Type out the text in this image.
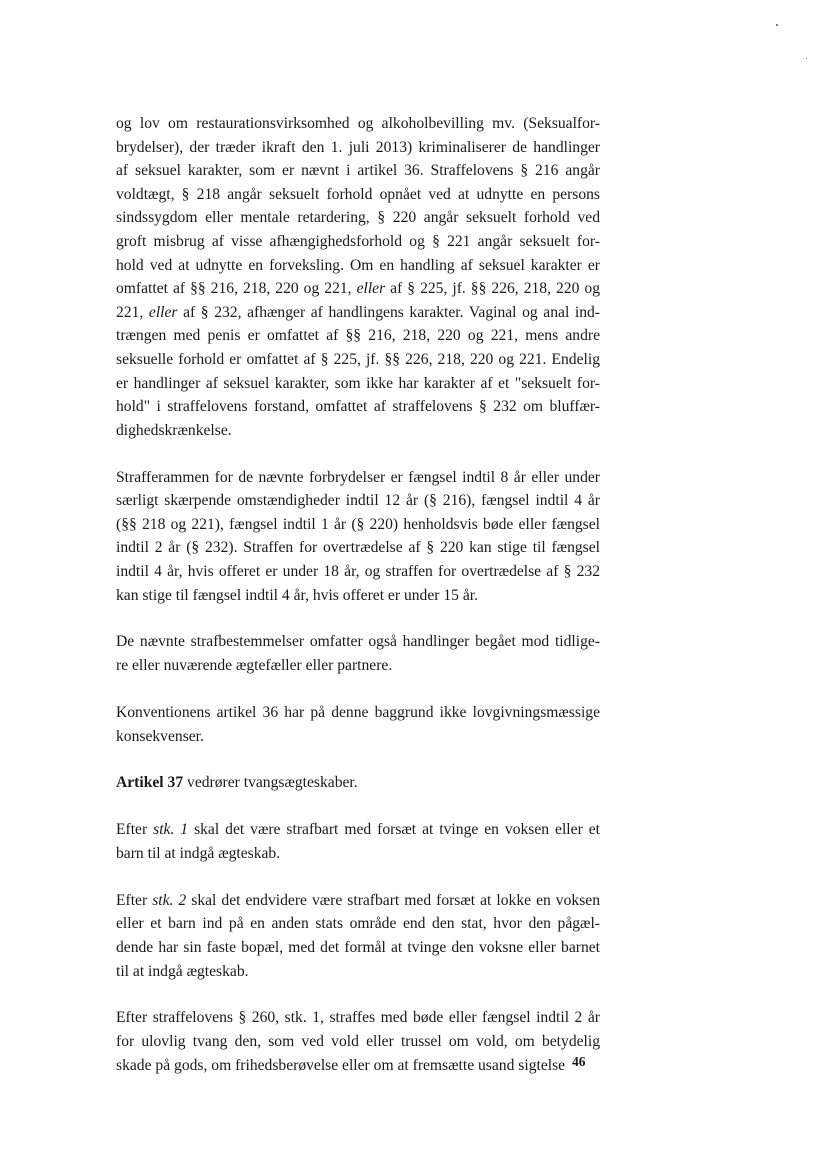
og lov om restaurationsvirksomhed og alkoholbevilling mv. (Seksualfor-
brydelser), der træder ikraft den 1. juli 2013) kriminaliserer de handlinger
af seksuel karakter, som er nævnt i artikel 36. Straffelovens § 216 angår
voldtægt, § 218 angår seksuelt forhold opnået ved at udnytte en persons
sindssygdom eller mentale retardering, § 220 angår seksuelt forhold ved
groft misbrug af visse afhængighedsforhold og § 221 angår seksuelt for-
hold ved at udnytte en forveksling. Om en handling af seksuel karakter er
omfattet af §§ 216, 218, 220 og 221, eller af § 225, jf. §§ 226, 218, 220 og
221, eller af § 232, afhænger af handlingens karakter. Vaginal og anal ind-
trængen med penis er omfattet af §§ 216, 218, 220 og 221, mens andre
seksuelle forhold er omfattet af § 225, jf. §§ 226, 218, 220 og 221. Endelig
er handlinger af seksuel karakter, som ikke har karakter af et "seksuelt for-
hold" i straffelovens forstand, omfattet af straffelovens § 232 om bluffær-
dighedskrænkelse.
Strafferammen for de nævnte forbrydelser er fængsel indtil 8 år eller under
særligt skærpende omstændigheder indtil 12 år (§ 216), fængsel indtil 4 år
(§§ 218 og 221), fængsel indtil 1 år (§ 220) henholdsvis bøde eller fængsel
indtil 2 år (§ 232). Straffen for overtrædelse af § 220 kan stige til fængsel
indtil 4 år, hvis offeret er under 18 år, og straffen for overtrædelse af § 232
kan stige til fængsel indtil 4 år, hvis offeret er under 15 år.
De nævnte strafbestemmelser omfatter også handlinger begået mod tidlige-
re eller nuværende ægtefæller eller partnere.
Konventionens artikel 36 har på denne baggrund ikke lovgivningsmæssige
konsekvenser.
Artikel 37 vedrører tvangsægteskaber.
Efter stk. 1 skal det være strafbart med forsæt at tvinge en voksen eller et
barn til at indgå ægteskab.
Efter stk. 2 skal det endvidere være strafbart med forsæt at lokke en voksen
eller et barn ind på en anden stats område end den stat, hvor den pågæl-
dende har sin faste bopæl, med det formål at tvinge den voksne eller barnet
til at indgå ægteskab.
Efter straffelovens § 260, stk. 1, straffes med bøde eller fængsel indtil 2 år
for ulovlig tvang den, som ved vold eller trussel om vold, om betydelig
skade på gods, om frihedsberøvelse eller om at fremsætte usand sigtelse 46
